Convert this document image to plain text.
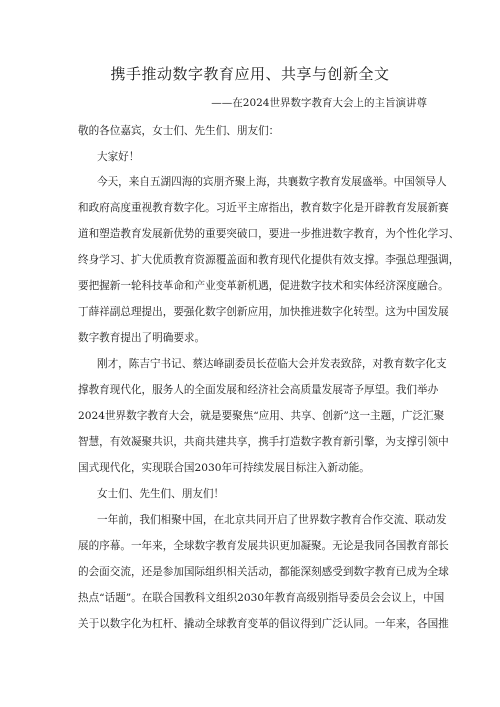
携手推动数字教育应用、共享与创新全文
——在2024世界数字教育大会上的主旨演讲尊
敬的各位嘉宾，女士们、先生们、朋友们：
大家好！
今天，来自五湖四海的宾朋齐聚上海，共襄数字教育发展盛举。中国领导人
和政府高度重视教育数字化。习近平主席指出，教育数字化是开辟教育发展新赛
道和塑造教育发展新优势的重要突破口，要进一步推进数字教育，为个性化学习、
终身学习、扩大优质教育资源覆盖面和教育现代化提供有效支撑。李强总理强调，
要把握新一轮科技革命和产业变革新机遇，促进数字技术和实体经济深度融合。
丁薛祥副总理提出，要强化数字创新应用，加快推进数字化转型。这为中国发展
数字教育提出了明确要求。
刚才，陈吉宁书记、蔡达峰副委员长莅临大会并发表致辞，对教育数字化支
撑教育现代化，服务人的全面发展和经济社会高质量发展寄予厚望。我们举办
2024世界数字教育大会，就是要聚焦“应用、共享、创新”这一主题，广泛汇聚
智慧，有效凝聚共识，共商共建共享，携手打造数字教育新引擎，为支撑引领中
国式现代化，实现联合国2030年可持续发展目标注入新动能。
女士们、先生们、朋友们！
一年前，我们相聚中国，在北京共同开启了世界数字教育合作交流、联动发
展的序幕。一年来，全球数字教育发展共识更加凝聚。无论是我同各国教育部长
的会面交流，还是参加国际组织相关活动，都能深刻感受到数字教育已成为全球
热点“话题”。在联合国教科文组织2030年教育高级别指导委员会会议上，中国
关于以数字化为杠杆、撬动全球教育变革的倡议得到广泛认同。一年来，各国推
